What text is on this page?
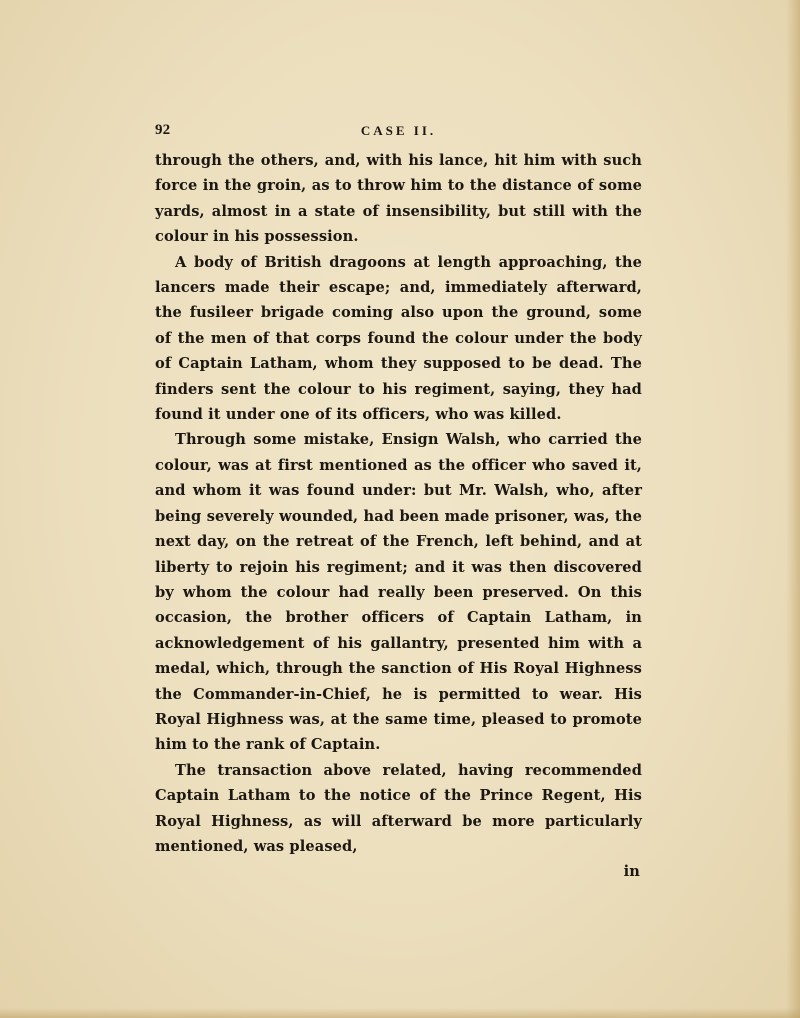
92	CASE II.

through the others, and, with his lance, hit him with such force in the groin, as to throw him to the distance of some yards, almost in a state of insensibility, but still with the colour in his possession.

A body of British dragoons at length approaching, the lancers made their escape; and, immediately afterward, the fusileer brigade coming also upon the ground, some of the men of that corps found the colour under the body of Captain Latham, whom they supposed to be dead. The finders sent the colour to his regiment, saying, they had found it under one of its officers, who was killed.

Through some mistake, Ensign Walsh, who carried the colour, was at first mentioned as the officer who saved it, and whom it was found under: but Mr. Walsh, who, after being severely wounded, had been made prisoner, was, the next day, on the retreat of the French, left behind, and at liberty to rejoin his regiment; and it was then discovered by whom the colour had really been preserved. On this occasion, the brother officers of Captain Latham, in acknowledgement of his gallantry, presented him with a medal, which, through the sanction of His Royal Highness the Commander-in-Chief, he is permitted to wear. His Royal Highness was, at the same time, pleased to promote him to the rank of Captain.

The transaction above related, having recommended Captain Latham to the notice of the Prince Regent, His Royal Highness, as will afterward be more particularly mentioned, was pleased,

in
